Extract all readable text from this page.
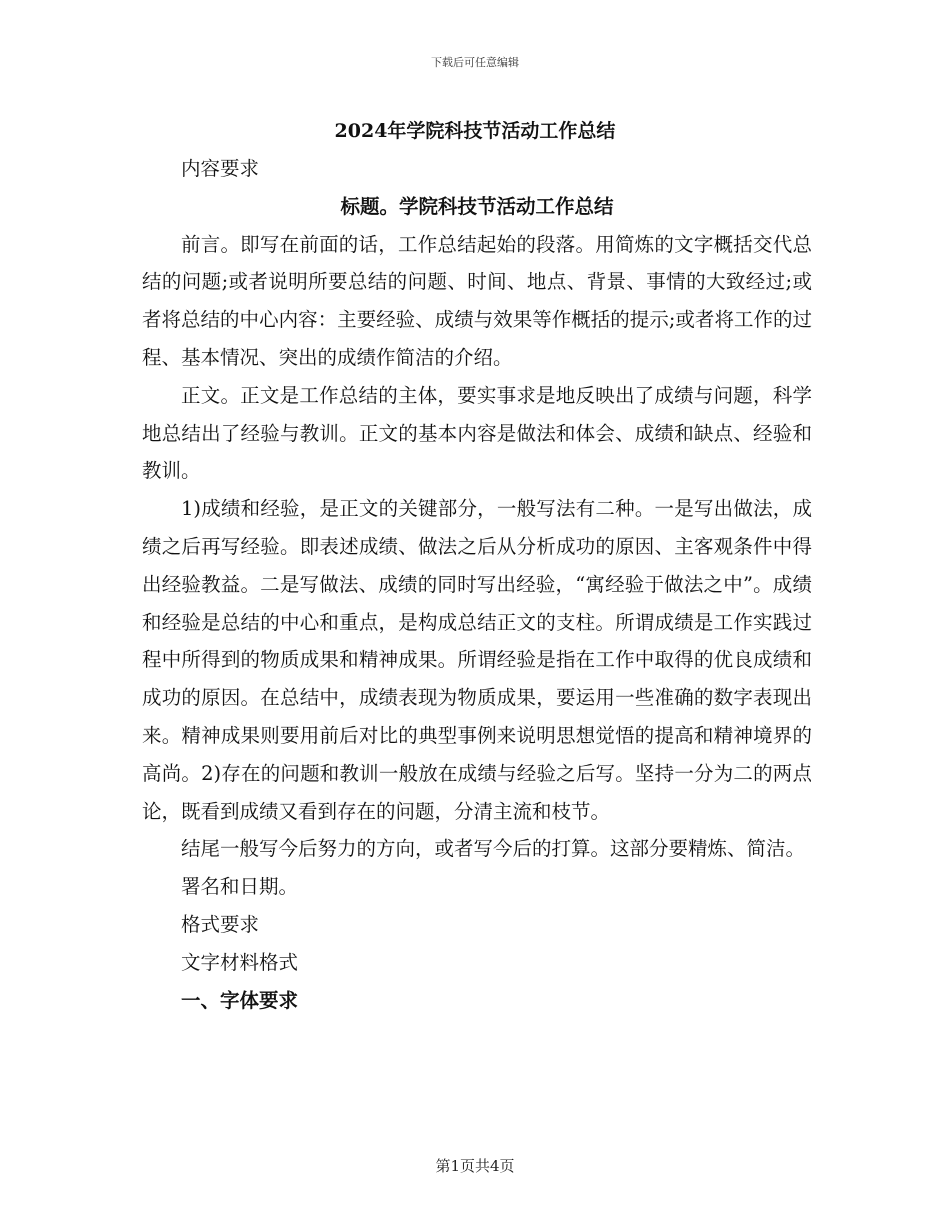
下载后可任意编辑
2024年学院科技节活动工作总结

内容要求

标题。学院科技节活动工作总结

前言。即写在前面的话，工作总结起始的段落。用简炼的文字概括交代总结的问题;或者说明所要总结的问题、时间、地点、背景、事情的大致经过;或者将总结的中心内容：主要经验、成绩与效果等作概括的提示;或者将工作的过程、基本情况、突出的成绩作简洁的介绍。

正文。正文是工作总结的主体，要实事求是地反映出了成绩与问题，科学地总结出了经验与教训。正文的基本内容是做法和体会、成绩和缺点、经验和教训。

1)成绩和经验，是正文的关键部分，一般写法有二种。一是写出做法，成绩之后再写经验。即表述成绩、做法之后从分析成功的原因、主客观条件中得出经验教益。二是写做法、成绩的同时写出经验，“寓经验于做法之中”。成绩和经验是总结的中心和重点，是构成总结正文的支柱。所谓成绩是工作实践过程中所得到的物质成果和精神成果。所谓经验是指在工作中取得的优良成绩和成功的原因。在总结中，成绩表现为物质成果，要运用一些准确的数字表现出来。精神成果则要用前后对比的典型事例来说明思想觉悟的提高和精神境界的高尚。2)存在的问题和教训一般放在成绩与经验之后写。坚持一分为二的两点论，既看到成绩又看到存在的问题，分清主流和枝节。

结尾一般写今后努力的方向，或者写今后的打算。这部分要精炼、简洁。

署名和日期。

格式要求

文字材料格式

一、字体要求

第1页共4页
